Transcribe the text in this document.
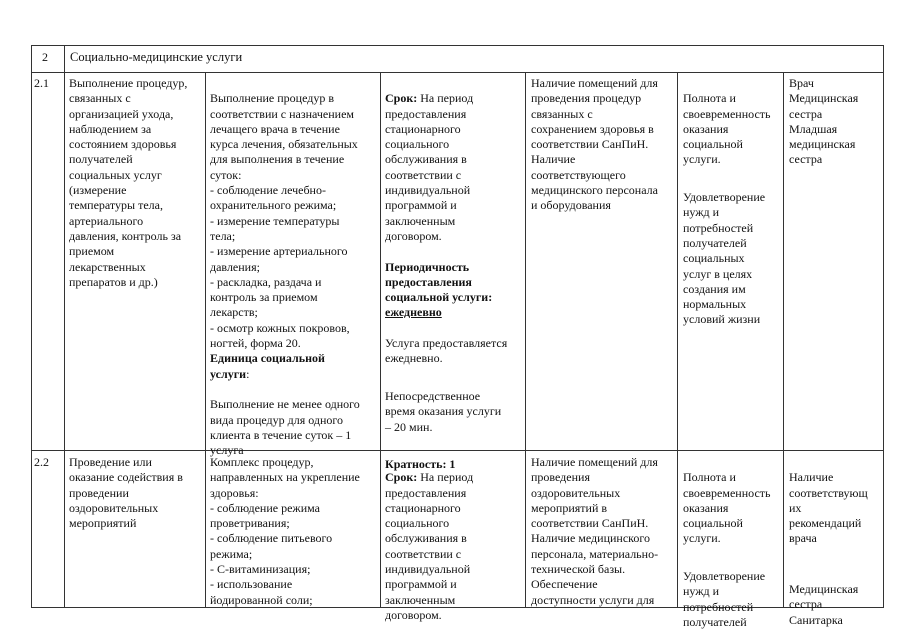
2 Социально-медицинские услуги
2.1 Выполнение процедур,
связанных с
организацией ухода,
наблюдением за
состоянием здоровья
получателей
социальных услуг
(измерение
температуры тела,
артериального
давления, контроль за
приемом
лекарственных
препаратов и др.)

Выполнение процедур в
соответствии с назначением
лечащего врача в течение
курса лечения, обязательных
для выполнения в течение
суток:
- соблюдение лечебно-
охранительного режима;
- измерение температуры
тела;
- измерение артериального
давления;
- раскладка, раздача и
контроль за приемом
лекарств;
- осмотр кожных покровов,
ногтей, форма 20.

Единица социальной
услуги:

Выполнение не менее одного
вида процедур для одного
клиента в течение суток – 1
услуга

Срок: На период
предоставления
стационарного
социального
обслуживания в
соответствии с
индивидуальной
программой и
заключенным
договором.

Периодичность
предоставления
социальной услуги:

ежедневно

Услуга предоставляется
ежедневно.

Непосредственное
время оказания услуги
– 20 мин.

Кратность: 1

Наличие помещений для
проведения процедур
связанных с
сохранением здоровья в
соответствии СанПиН.
Наличие
соответствующего
медицинского персонала
и оборудования

Полнота и
своевременность
оказания
социальной
услуги.

Удовлетворение
нужд и
потребностей
получателей
социальных
услуг в целях
создания им
нормальных
условий жизни

Врач
Медицинская
сестра
Младшая
медицинская
сестра
2.2 Проведение или
оказание содействия в
проведении
оздоровительных
мероприятий
Комплекс процедур,
направленных на укрепление
здоровья:
- соблюдение режима
проветривания;
- соблюдение питьевого
режима;
- С-витаминизация;
- использование
йодированной соли;

Срок: На период
предоставления
стационарного
социального
обслуживания в
соответствии с
индивидуальной
программой и
заключенным
договором.

Наличие помещений для
проведения
оздоровительных
мероприятий в
соответствии СанПиН.
Наличие медицинского
персонала, материально-
технической базы.
Обеспечение
доступности услуги для

Полнота и
своевременность
оказания
социальной
услуги.

Удовлетворение
нужд и
потребностей
получателей

Наличие
соответствующ
их
рекомендаций
врача

Медицинская
сестра
Санитарка
